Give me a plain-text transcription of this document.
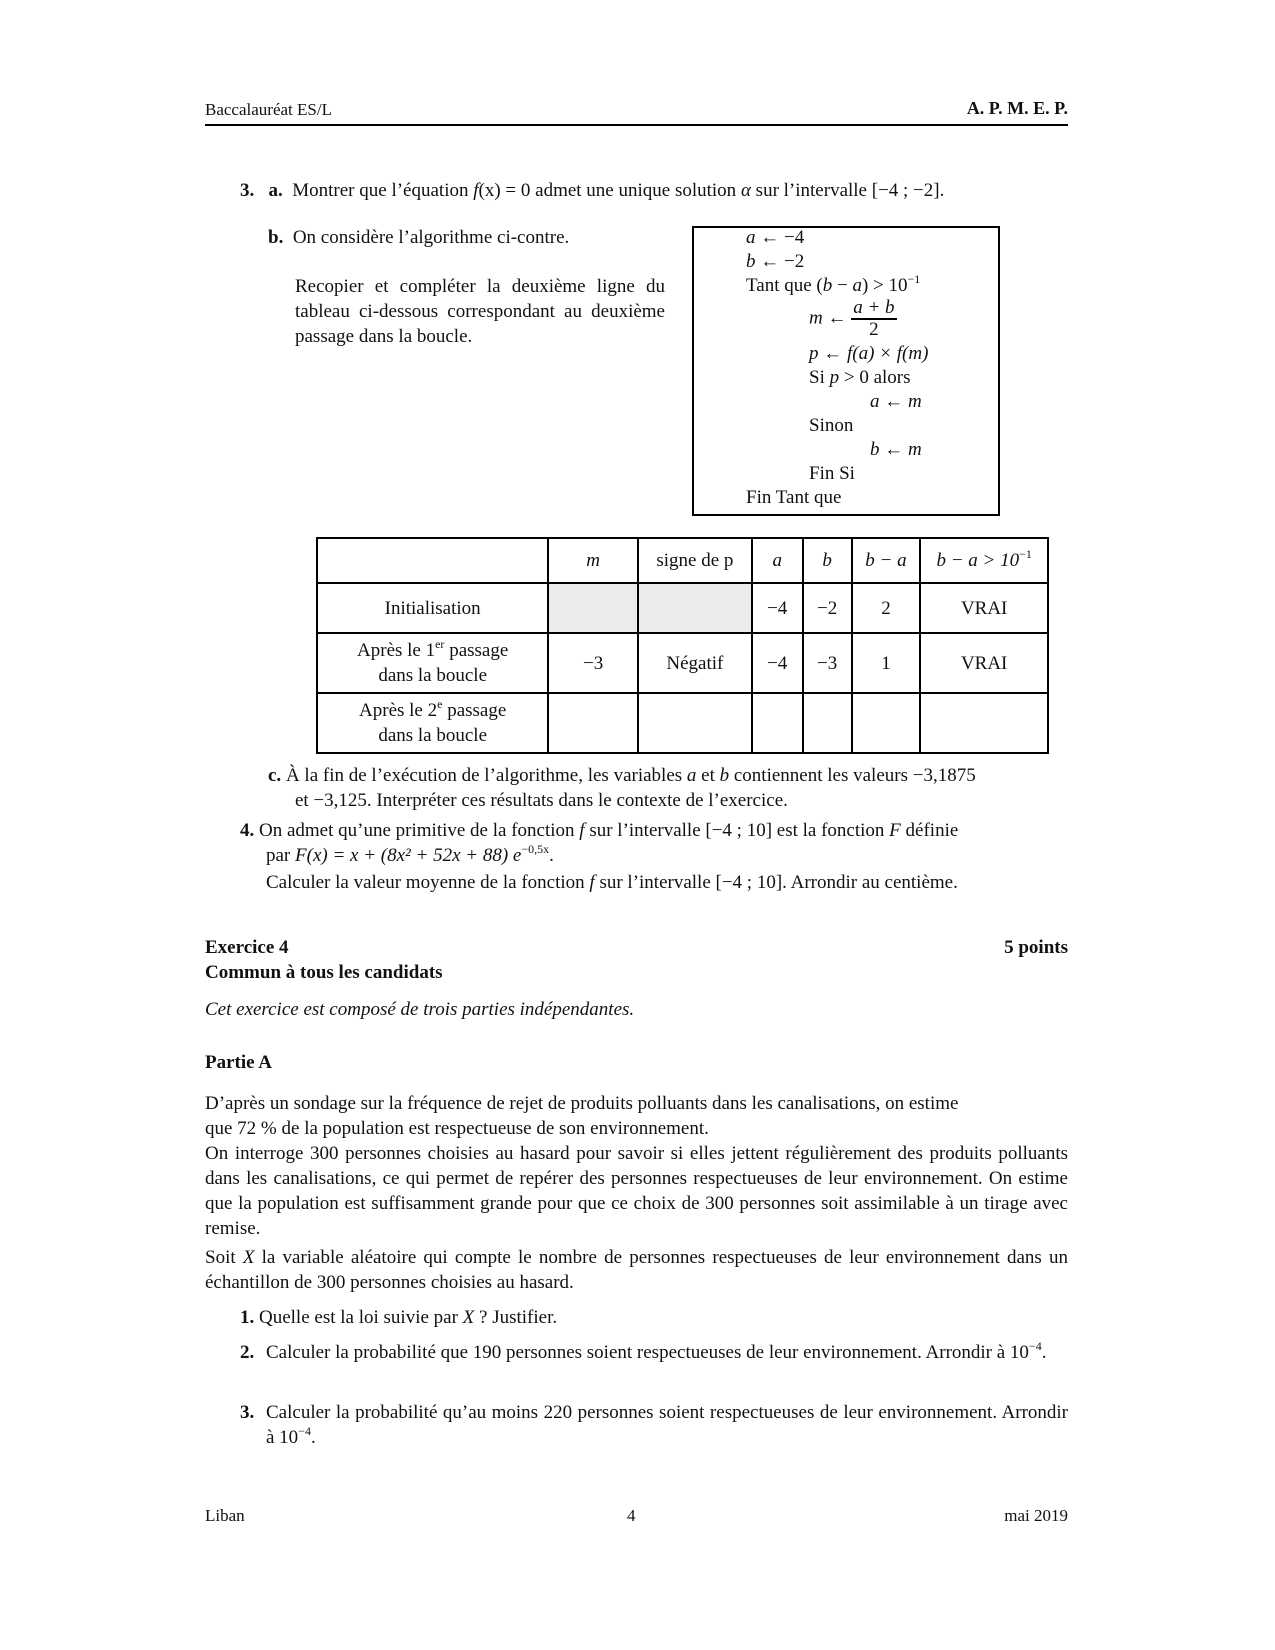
Baccalauréat ES/L	A. P. M. E. P.
3. a. Montrer que l’équation f(x) = 0 admet une unique solution α sur l’intervalle [−4 ; −2].
b. On considère l’algorithme ci-contre.
Recopier et compléter la deuxième ligne du tableau ci-dessous correspondant au deuxième passage dans la boucle.
a ← −4
b ← −2
Tant que $(b - a) > 10^{-1}$
m ← $\frac{a + b}{2}$
p ← f(a) × f(m)
Si p > 0 alors
a ← m
Sinon
b ← m
Fin Si
Fin Tant que
	m	signe de p	a	b	b − a	$b - a > 10^{-1}$
Initialisation			−4	−2	2	VRAI
Après le 1er passage
dans la boucle	−3	Négatif	−4	−3	1	VRAI
Après le 2e passage
dans la boucle						
c. À la fin de l’exécution de l’algorithme, les variables a et b contiennent les valeurs −3,1875
et −3,125. Interpréter ces résultats dans le contexte de l’exercice.
4. On admet qu’une primitive de la fonction f sur l’intervalle [−4 ; 10] est la fonction F définie
par F(x) = x + (8x² + 52x + 88) $e^{-0,5x}$.
Calculer la valeur moyenne de la fonction f sur l’intervalle [−4 ; 10]. Arrondir au centième.
Exercice 4	5 points
Commun à tous les candidats
Cet exercice est composé de trois parties indépendantes.
Partie A
D’après un sondage sur la fréquence de rejet de produits polluants dans les canalisations, on estime
que 72 % de la population est respectueuse de son environnement.
On interroge 300 personnes choisies au hasard pour savoir si elles jettent régulièrement des produits polluants dans les canalisations, ce qui permet de repérer des personnes respectueuses de leur environnement. On estime que la population est suffisamment grande pour que ce choix de 300 personnes soit assimilable à un tirage avec remise.
Soit X la variable aléatoire qui compte le nombre de personnes respectueuses de leur environnement dans un échantillon de 300 personnes choisies au hasard.
1. Quelle est la loi suivie par X ? Justifier.
2. Calculer la probabilité que 190 personnes soient respectueuses de leur environnement. Arrondir à $10^{-4}$.
3. Calculer la probabilité qu’au moins 220 personnes soient respectueuses de leur environnement. Arrondir à $10^{-4}$.
Liban	4	mai 2019
